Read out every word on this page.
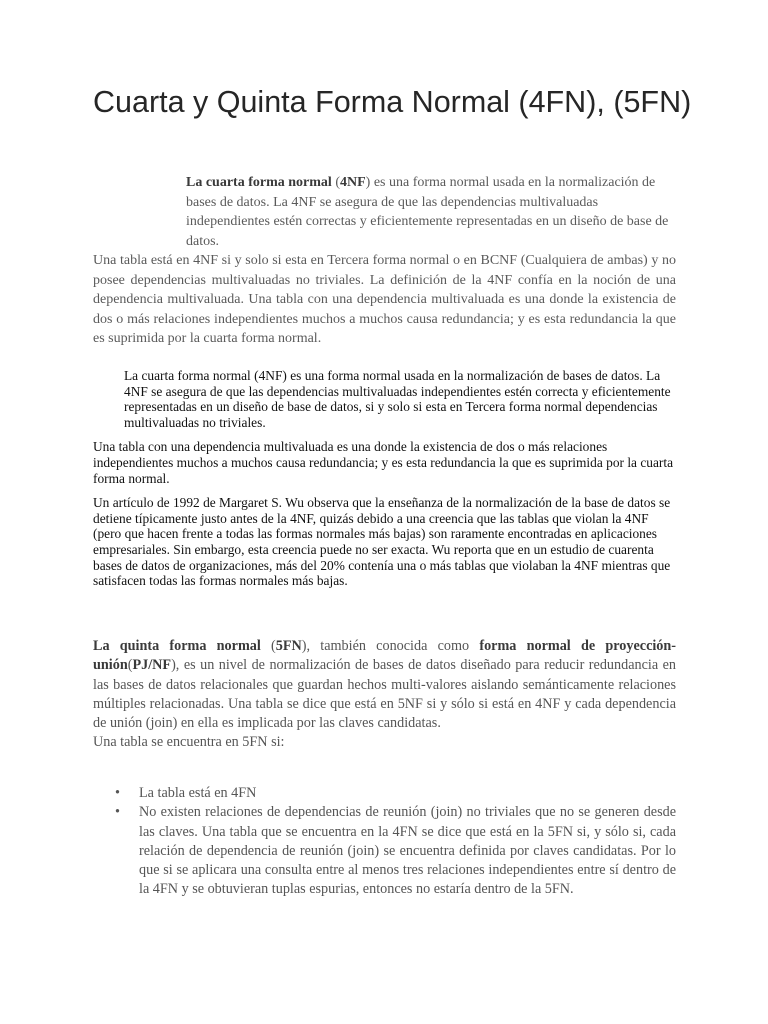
Cuarta y Quinta Forma Normal (4FN), (5FN)

La cuarta forma normal (4NF) es una forma normal usada en la normalización de bases de datos. La 4NF se asegura de que las dependencias multivaluadas independientes estén correctas y eficientemente representadas en un diseño de base de datos.

Una tabla está en 4NF si y solo si esta en Tercera forma normal o en BCNF (Cualquiera de ambas) y no posee dependencias multivaluadas no triviales. La definición de la 4NF confía en la noción de una dependencia multivaluada. Una tabla con una dependencia multivaluada es una donde la existencia de dos o más relaciones independientes muchos a muchos causa redundancia; y es esta redundancia la que es suprimida por la cuarta forma normal.

La cuarta forma normal (4NF) es una forma normal usada en la normalización de bases de datos. La 4NF se asegura de que las dependencias multivaluadas independientes estén correcta y eficientemente representadas en un diseño de base de datos, si y solo si esta en Tercera forma normal dependencias multivaluadas no triviales.

Una tabla con una dependencia multivaluada es una donde la existencia de dos o más relaciones independientes muchos a muchos causa redundancia; y es esta redundancia la que es suprimida por la cuarta forma normal.

Un artículo de 1992 de Margaret S. Wu observa que la enseñanza de la normalización de la base de datos se detiene típicamente justo antes de la 4NF, quizás debido a una creencia que las tablas que violan la 4NF (pero que hacen frente a todas las formas normales más bajas) son raramente encontradas en aplicaciones empresariales. Sin embargo, esta creencia puede no ser exacta. Wu reporta que en un estudio de cuarenta bases de datos de organizaciones, más del 20% contenía una o más tablas que violaban la 4NF mientras que satisfacen todas las formas normales más bajas.

La quinta forma normal (5FN), también conocida como forma normal de proyección-unión(PJ/NF), es un nivel de normalización de bases de datos diseñado para reducir redundancia en las bases de datos relacionales que guardan hechos multi-valores aislando semánticamente relaciones múltiples relacionadas. Una tabla se dice que está en 5NF si y sólo si está en 4NF y cada dependencia de unión (join) en ella es implicada por las claves candidatas.

Una tabla se encuentra en 5FN si:

• La tabla está en 4FN
• No existen relaciones de dependencias de reunión (join) no triviales que no se generen desde las claves. Una tabla que se encuentra en la 4FN se dice que está en la 5FN si, y sólo si, cada relación de dependencia de reunión (join) se encuentra definida por claves candidatas. Por lo que si se aplicara una consulta entre al menos tres relaciones independientes entre sí dentro de la 4FN y se obtuvieran tuplas espurias, entonces no estaría dentro de la 5FN.
